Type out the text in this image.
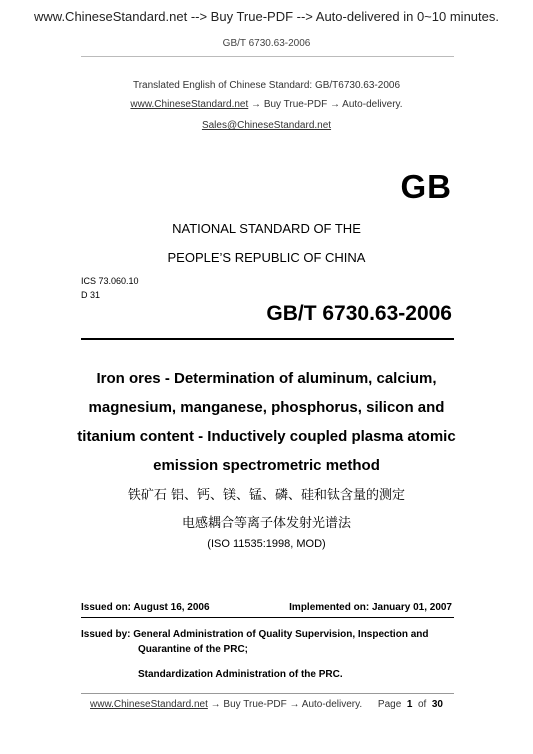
www.ChineseStandard.net --> Buy True-PDF --> Auto-delivered in 0~10 minutes.
GB/T 6730.63-2006
Translated English of Chinese Standard: GB/T6730.63-2006
www.ChineseStandard.net → Buy True-PDF → Auto-delivery.
Sales@ChineseStandard.net
GB
NATIONAL STANDARD OF THE
PEOPLE’S REPUBLIC OF CHINA
ICS 73.060.10
D 31
GB/T 6730.63-2006
Iron ores - Determination of aluminum, calcium,
magnesium, manganese, phosphorus, silicon and
titanium content - Inductively coupled plasma atomic
emission spectrometric method
铁矿石 铝、钙、镁、锰、磷、硅和钛含量的测定
电感耦合等离子体发射光谱法
(ISO 11535:1998, MOD)
Issued on: August 16, 2006	Implemented on: January 01, 2007
Issued by: General Administration of Quality Supervision, Inspection and
Quarantine of the PRC;
Standardization Administration of the PRC.
www.ChineseStandard.net → Buy True-PDF → Auto-delivery. Page 1 of 30
